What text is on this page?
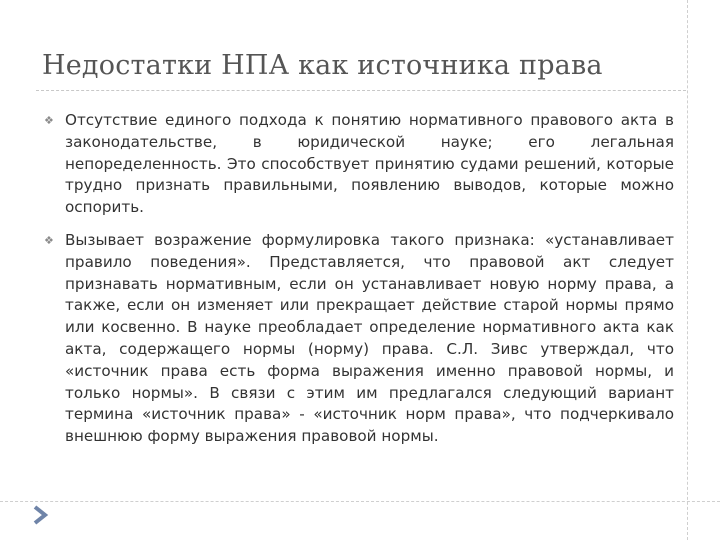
Недостатки НПА как источника права
❖ Отсутствие единого подхода к понятию нормативного правового акта в законодательстве, в юридической науке; его легальная непоределенность. Это способствует принятию судами решений, которые трудно признать правильными, появлению выводов, которые можно оспорить.
❖ Вызывает возражение формулировка такого признака: «устанавливает правило поведения». Представляется, что правовой акт следует признавать нормативным, если он устанавливает новую норму права, а также, если он изменяет или прекращает действие старой нормы прямо или косвенно. В науке преобладает определение нормативного акта как акта, содержащего нормы (норму) права. С.Л. Зивс утверждал, что «источник права есть форма выражения именно правовой нормы, и только нормы». В связи с этим им предлагался следующий вариант термина «источник права» - «источник норм права», что подчеркивало внешнюю форму выражения правовой нормы.
